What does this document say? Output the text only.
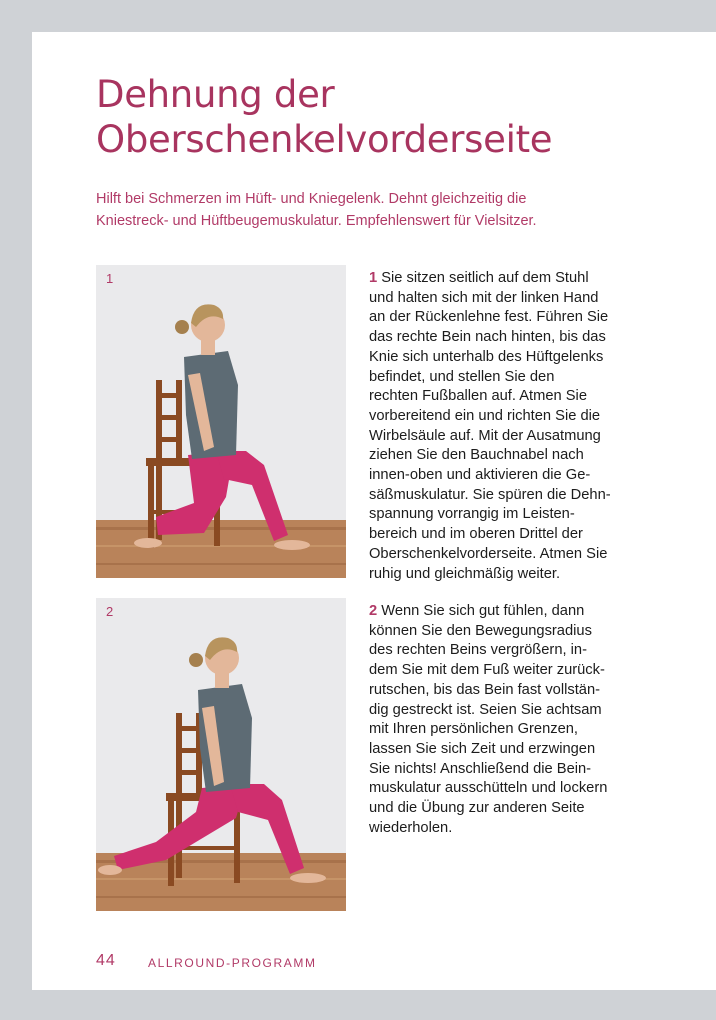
Dehnung der
Oberschenkelvorderseite

Hilft bei Schmerzen im Hüft- und Kniegelenk. Dehnt gleichzeitig die
Kniestreck- und Hüftbeugemuskulatur. Empfehlenswert für Vielsitzer.

1
2
1 Sie sitzen seitlich auf dem Stuhl
und halten sich mit der linken Hand
an der Rückenlehne fest. Führen Sie
das rechte Bein nach hinten, bis das
Knie sich unterhalb des Hüftgelenks
befindet, und stellen Sie den
rechten Fußballen auf. Atmen Sie
vorbereitend ein und richten Sie die
Wirbelsäule auf. Mit der Ausatmung
ziehen Sie den Bauchnabel nach
innen-oben und aktivieren die Ge-
säßmuskulatur. Sie spüren die Dehn-
spannung vorrangig im Leisten-
bereich und im oberen Drittel der
Oberschenkelvorderseite. Atmen Sie
ruhig und gleichmäßig weiter.
2 Wenn Sie sich gut fühlen, dann
können Sie den Bewegungsradius
des rechten Beins vergrößern, in-
dem Sie mit dem Fuß weiter zurück-
rutschen, bis das Bein fast vollstän-
dig gestreckt ist. Seien Sie achtsam
mit Ihren persönlichen Grenzen,
lassen Sie sich Zeit und erzwingen
Sie nichts! Anschließend die Bein-
muskulatur ausschütteln und lockern
und die Übung zur anderen Seite
wiederholen.
44	ALLROUND-PROGRAMM
